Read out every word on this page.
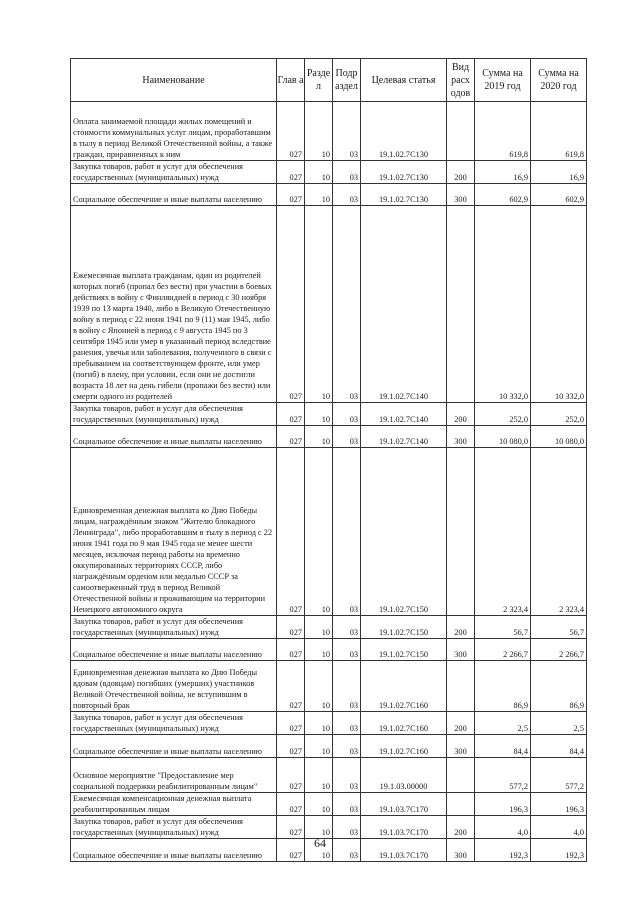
Наименование	Глав а	Разде л	Подр аздел	Целевая статья	Вид расх одов	Сумма на 2019 год	Сумма на 2020 год
Оплата занимаемой площади жилых помещений и стоимости коммунальных услуг лицам, проработавшим в тылу в период Великой Отечественной войны, а также граждан, приравненных к ним	027	10	03	19.1.02.7С130		619,8	619,8
Закупка товаров, работ и услуг для обеспечения государственных (муниципальных) нужд	027	10	03	19.1.02.7С130	200	16,9	16,9
Социальное обеспечение и иные выплаты населению	027	10	03	19.1.02.7С130	300	602,9	602,9
Ежемесячная выплата гражданам, один из родителей которых погиб (пропал без вести) при участии в боевых действиях в войну с Финляндией в период с 30 ноября 1939 по 13 марта 1940, либо в Великую Отечественную войну в период с 22 июня 1941 по 9 (11) мая 1945, либо в войну с Японией в период с 9 августа 1945 по 3 сентября 1945 или умер в указанный период вследствие ранения, увечья или заболевания, полученного в связи с пребыванием на соответствующем фронте, или умер (погиб) в плену, при условии, если они не достигли возраста 18 лет на день гибели (пропажи без вести) или смерти одного из родителей	027	10	03	19.1.02.7С140		10 332,0	10 332,0
Закупка товаров, работ и услуг для обеспечения государственных (муниципальных) нужд	027	10	03	19.1.02.7С140	200	252,0	252,0
Социальное обеспечение и иные выплаты населению	027	10	03	19.1.02.7С140	300	10 080,0	10 080,0
Единовременная денежная выплата ко Дню Победы лицам, награждённым знаком "Жителю блокадного Ленинграда", либо проработавшим в тылу в период с 22 июня 1941 года по 9 мая 1945 года не менее шести месяцев, исключая период работы на временно оккупированных территориях СССР, либо награждённым орденом или медалью СССР за самоотверженный труд в период Великой Отечественной войны и проживающим на территории Ненецкого автономного округа	027	10	03	19.1.02.7С150		2 323,4	2 323,4
Закупка товаров, работ и услуг для обеспечения государственных (муниципальных) нужд	027	10	03	19.1.02.7С150	200	56,7	56,7
Социальное обеспечение и иные выплаты населению	027	10	03	19.1.02.7С150	300	2 266,7	2 266,7
Единовременная денежная выплата ко Дню Победы вдовам (вдовцам) погибших (умерших) участников Великой Отечественной войны, не вступившим в повторный брак	027	10	03	19.1.02.7С160		86,9	86,9
Закупка товаров, работ и услуг для обеспечения государственных (муниципальных) нужд	027	10	03	19.1.02.7С160	200	2,5	2,5
Социальное обеспечение и иные выплаты населению	027	10	03	19.1.02.7С160	300	84,4	84,4
Основное мероприятие "Предоставление мер социальной поддержки реабилитированным лицам"	027	10	03	19.1.03.00000		577,2	577,2
Ежемесячная компенсационная денежная выплата реабилитированным лицам	027	10	03	19.1.03.7С170		196,3	196,3
Закупка товаров, работ и услуг для обеспечения государственных (муниципальных) нужд	027	10	03	19.1.03.7С170	200	4,0	4,0
Социальное обеспечение и иные выплаты населению	027	10	03	19.1.03.7С170	300	192,3	192,3
64
